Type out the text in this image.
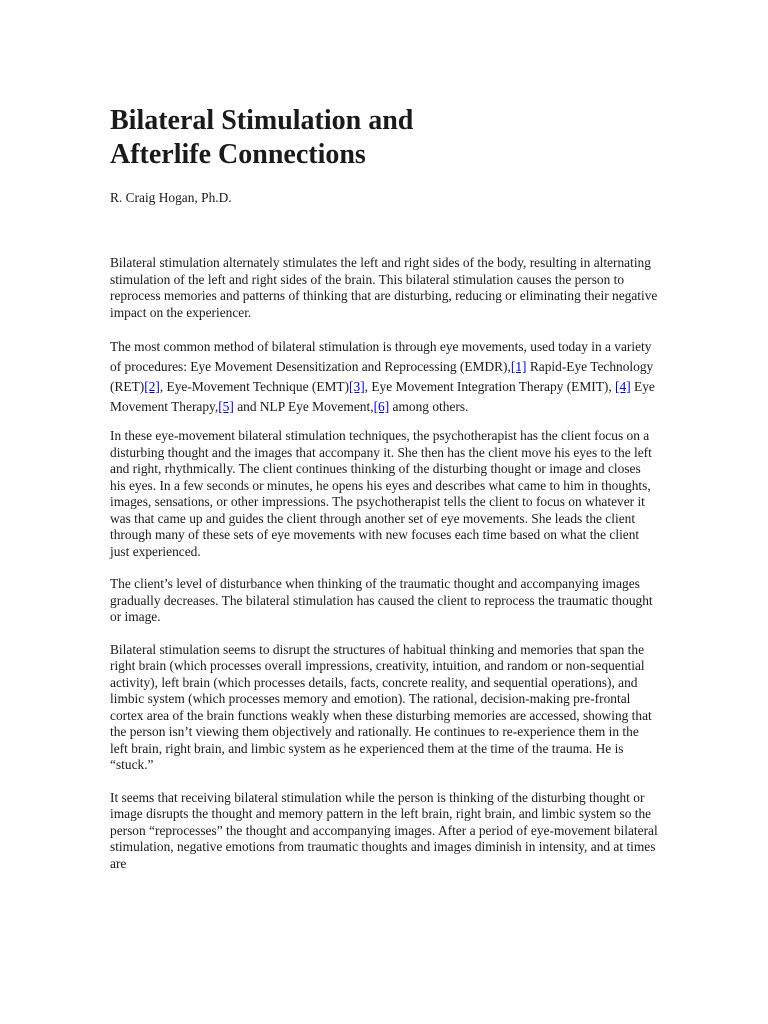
Bilateral Stimulation and
Afterlife Connections

R. Craig Hogan, Ph.D.

Bilateral stimulation alternately stimulates the left and right sides of the body, resulting in alternating stimulation of the left and right sides of the brain. This bilateral stimulation causes the person to reprocess memories and patterns of thinking that are disturbing, reducing or eliminating their negative impact on the experiencer.

The most common method of bilateral stimulation is through eye movements, used today in a variety of procedures: Eye Movement Desensitization and Reprocessing (EMDR),[1] Rapid-Eye Technology (RET)[2], Eye-Movement Technique (EMT)[3], Eye Movement Integration Therapy (EMIT), [4] Eye Movement Therapy,[5] and NLP Eye Movement,[6] among others.

In these eye-movement bilateral stimulation techniques, the psychotherapist has the client focus on a disturbing thought and the images that accompany it. She then has the client move his eyes to the left and right, rhythmically. The client continues thinking of the disturbing thought or image and closes his eyes. In a few seconds or minutes, he opens his eyes and describes what came to him in thoughts, images, sensations, or other impressions. The psychotherapist tells the client to focus on whatever it was that came up and guides the client through another set of eye movements. She leads the client through many of these sets of eye movements with new focuses each time based on what the client just experienced.

The client’s level of disturbance when thinking of the traumatic thought and accompanying images gradually decreases. The bilateral stimulation has caused the client to reprocess the traumatic thought or image.

Bilateral stimulation seems to disrupt the structures of habitual thinking and memories that span the right brain (which processes overall impressions, creativity, intuition, and random or non-sequential activity), left brain (which processes details, facts, concrete reality, and sequential operations), and limbic system (which processes memory and emotion). The rational, decision-making pre-frontal cortex area of the brain functions weakly when these disturbing memories are accessed, showing that the person isn’t viewing them objectively and rationally. He continues to re-experience them in the left brain, right brain, and limbic system as he experienced them at the time of the trauma. He is “stuck.”

It seems that receiving bilateral stimulation while the person is thinking of the disturbing thought or image disrupts the thought and memory pattern in the left brain, right brain, and limbic system so the person “reprocesses” the thought and accompanying images. After a period of eye-movement bilateral stimulation, negative emotions from traumatic thoughts and images diminish in intensity, and at times are
